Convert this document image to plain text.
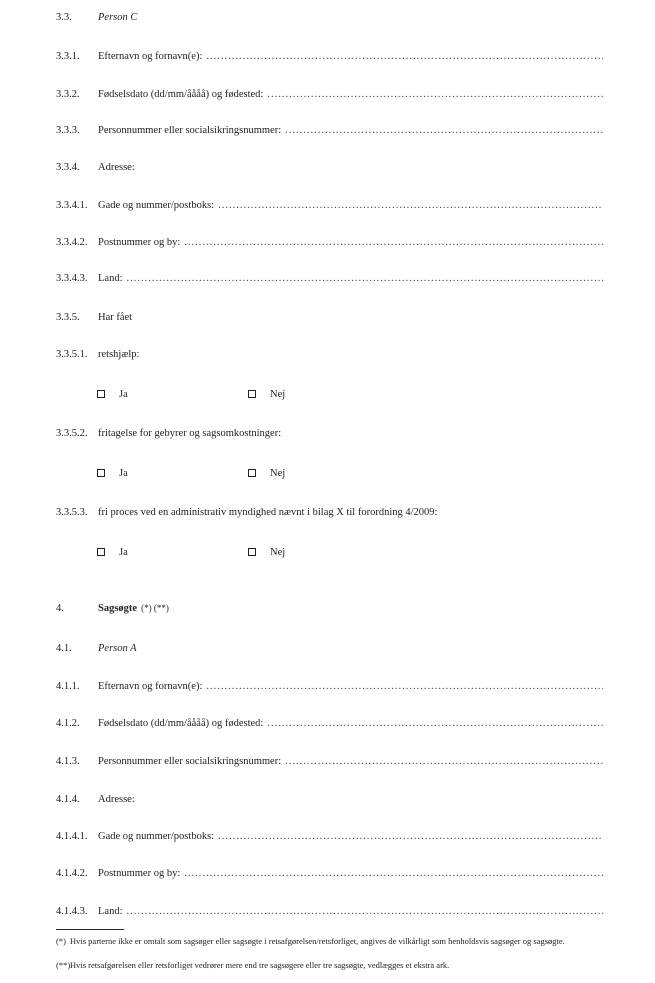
3.3.	Person C
3.3.1.	Efternavn og fornavn(e):
.....
3.3.2.	Fødselsdato (dd/mm/åååå) og fødested:
.....
3.3.3.	Personnummer eller socialsikringsnummer:
.....
3.3.4.	Adresse:
3.3.4.1.	Gade og nummer/postboks:
.....
3.3.4.2.	Postnummer og by:
.....
3.3.4.3.	Land:
.....
3.3.5.	Har fået
3.3.5.1.	retshjælp:
Ja	Nej
3.3.5.2.	fritagelse for gebyrer og sagsomkostninger:
Ja	Nej
3.3.5.3.	fri proces ved en administrativ myndighed nævnt i bilag X til forordning 4/2009:
Ja	Nej
4.	Sagsøgte (*) (**)
4.1.	Person A
4.1.1.	Efternavn og fornavn(e):
.....
4.1.2.	Fødselsdato (dd/mm/åååå) og fødested:
.....
4.1.3.	Personnummer eller socialsikringsnummer:
.....
4.1.4.	Adresse:
4.1.4.1.	Gade og nummer/postboks:
.....
4.1.4.2.	Postnummer og by:
.....
4.1.4.3.	Land:
.....
(*) Hvis parterne ikke er omtalt som sagsøger eller sagsøgte i retsafgørelsen/retsforliget, angives de vilkårligt som henholdsvis sagsøger og sagsøgte.
(**)Hvis retsafgørelsen eller retsforliget vedrører mere end tre sagsøgere eller tre sagsøgte, vedlægges et ekstra ark.
